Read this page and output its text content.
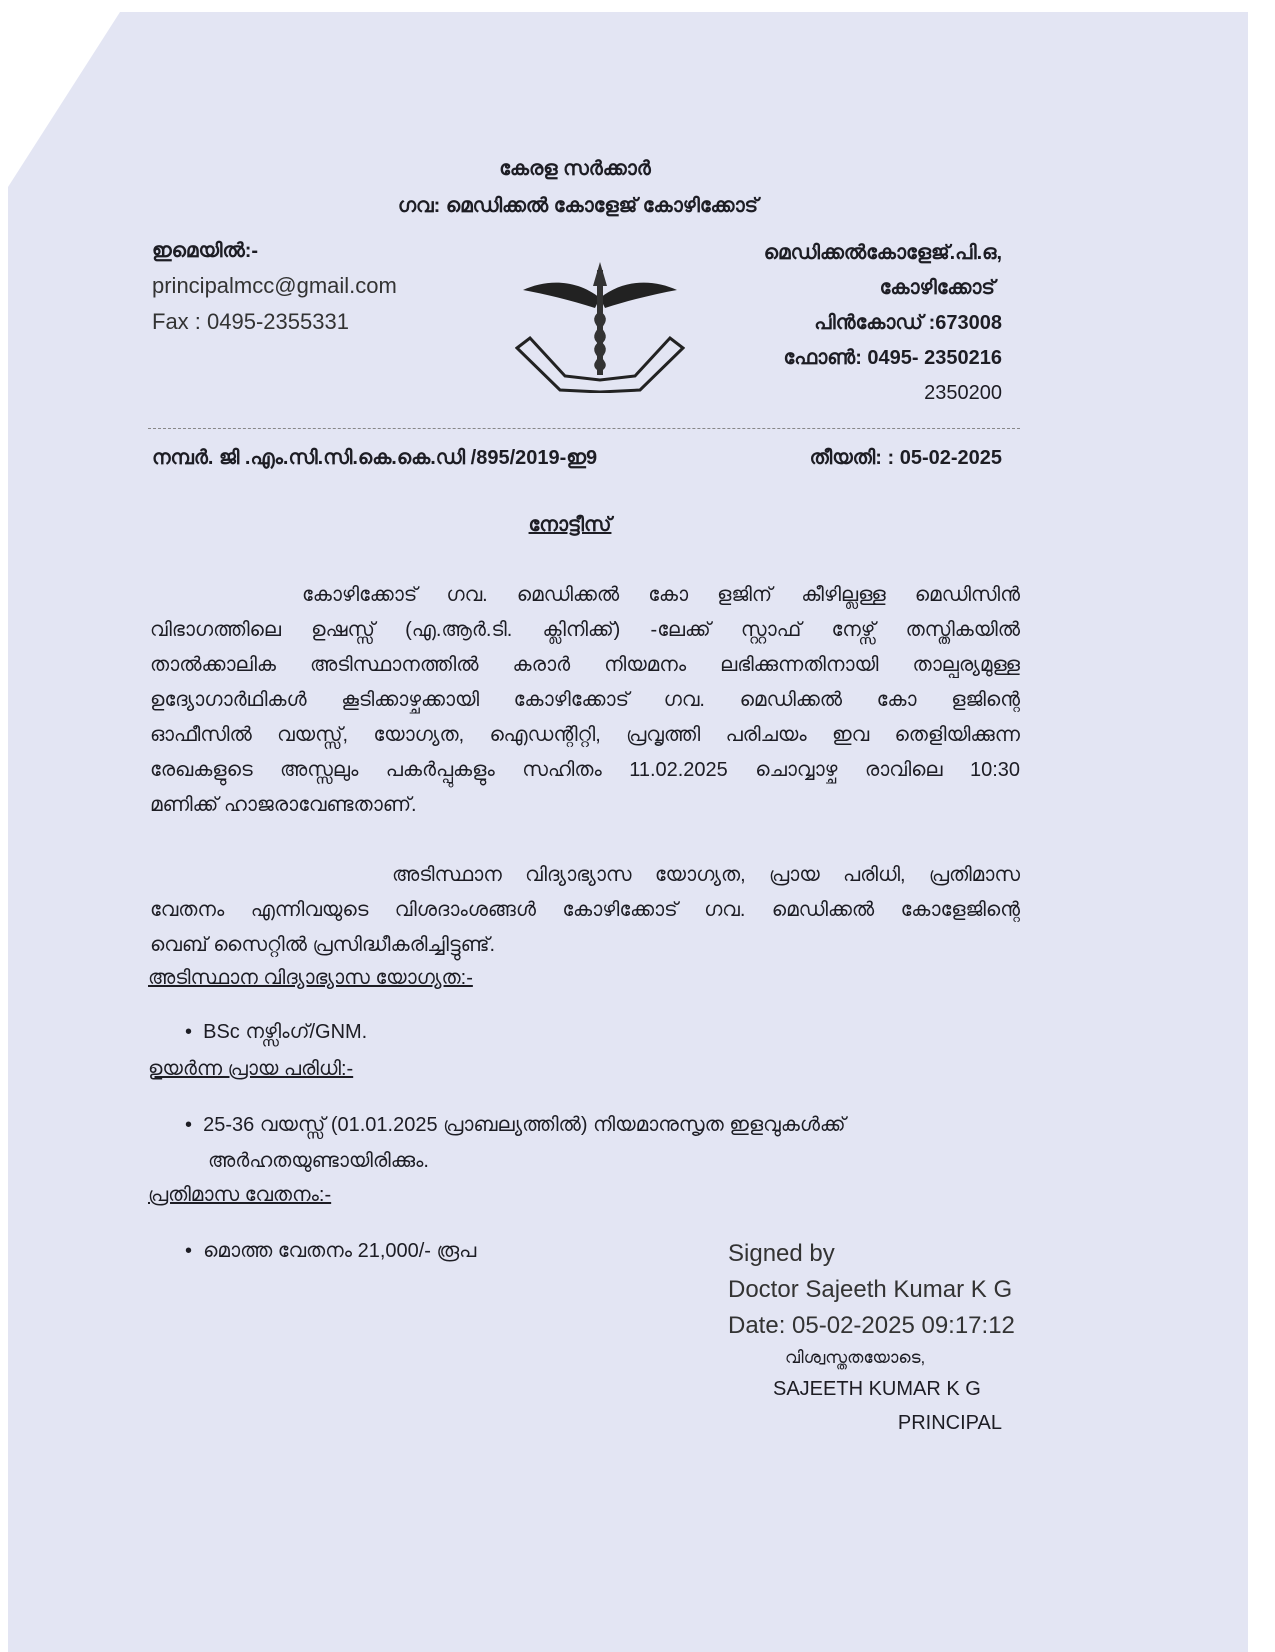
കേരള സർക്കാർ
ഗവ: മെഡിക്കൽ കോളേജ് കോഴിക്കോട്
ഇമെയിൽ:-
principalmcc@gmail.com
Fax : 0495-2355331
മെഡിക്കൽകോളേജ്.പി.ഒ,
കോഴിക്കോട്
പിൻകോഡ് :673008
ഫോൺ: 0495- 2350216
2350200
നമ്പർ. ജി .എം.സി.സി.കെ.കെ.ഡി /895/2019-ഇ9	തീയതി: : 05-02-2025
നോട്ടീസ്
കോഴിക്കോട് ഗവ. മെഡിക്കൽ കോ ളജിന് കീഴില്ലള്ള മെഡിസിൻ
വിഭാഗത്തിലെ ഉഷസ്സ് (എ.ആർ.ടി. ക്ലിനിക്ക്) -ലേക്ക് സ്റ്റാഫ് നേഴ്സ് തസ്തികയിൽ
താൽക്കാലിക അടിസ്ഥാനത്തിൽ കരാർ നിയമനം ലഭിക്കുന്നതിനായി താല്പര്യമുള്ള
ഉദ്യോഗാർഥികൾ കൂടിക്കാഴ്ചക്കായി കോഴിക്കോട് ഗവ. മെഡിക്കൽ കോ ളജിന്റെ
ഓഫീസിൽ വയസ്സ്, യോഗ്യത, ഐഡന്റിറ്റി, പ്രവൃത്തി പരിചയം ഇവ തെളിയിക്കുന്ന
രേഖകളുടെ അസ്സലും പകർപ്പുകളും സഹിതം 11.02.2025 ചൊവ്വാഴ്ച രാവിലെ 10:30
മണിക്ക് ഹാജരാവേണ്ടതാണ്.
അടിസ്ഥാന വിദ്യാഭ്യാസ യോഗ്യത, പ്രായ പരിധി, പ്രതിമാസ
വേതനം എന്നിവയുടെ വിശദാംശങ്ങൾ കോഴിക്കോട് ഗവ. മെഡിക്കൽ കോളേജിന്റെ
വെബ് സൈറ്റിൽ പ്രസിദ്ധീകരിച്ചിട്ടുണ്ട്.
അടിസ്ഥാന വിദ്യാഭ്യാസ യോഗ്യത:-
•  BSc നഴ്സിംഗ്/GNM.
ഉയർന്ന പ്രായ പരിധി:-
•  25-36 വയസ്സ് (01.01.2025 പ്രാബല്യത്തിൽ) നിയമാനുസൃത ഇളവുകൾക്ക്
അർഹതയുണ്ടായിരിക്കും.
പ്രതിമാസ വേതനം:-
•  മൊത്ത വേതനം 21,000/- രൂപ	Signed by
Doctor Sajeeth Kumar K G
Date: 05-02-2025 09:17:12
വിശ്വസ്തതയോടെ,
SAJEETH KUMAR K G
PRINCIPAL
